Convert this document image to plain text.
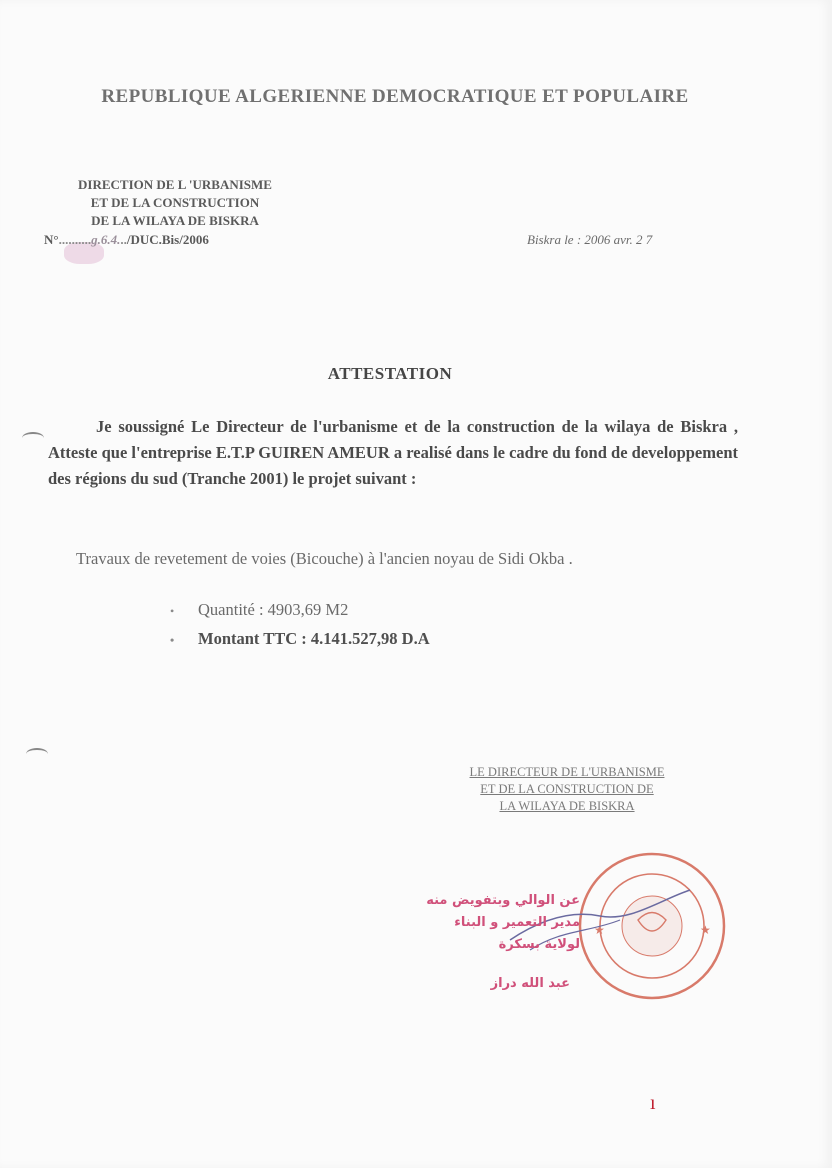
REPUBLIQUE ALGERIENNE DEMOCRATIQUE ET POPULAIRE
DIRECTION DE L 'URBANISME
ET DE LA CONSTRUCTION
DE LA WILAYA DE BISKRA
N°..........g.6.4.../DUC.Bis/2006	Biskra le : 2006 avr. 2 7
ATTESTATION

Je soussigné Le Directeur de l'urbanisme et de la construction de la wilaya de Biskra , Atteste que l'entreprise E.T.P GUIREN AMEUR a realisé dans le cadre du fond de developpement des régions du sud (Tranche 2001) le projet suivant :

Travaux de revetement de voies (Bicouche) à l'ancien noyau de Sidi Okba .

•	Quantité : 4903,69 M2
•	Montant TTC : 4.141.527,98 D.A
LE DIRECTEUR DE L'URBANISME
ET DE LA CONSTRUCTION DE
LA WILAYA DE BISKRA
★	★
عن الوالي وبتفويض منه
مدير التعمير و البناء
لولاية بسكرة
عبد الله دراز
ı
